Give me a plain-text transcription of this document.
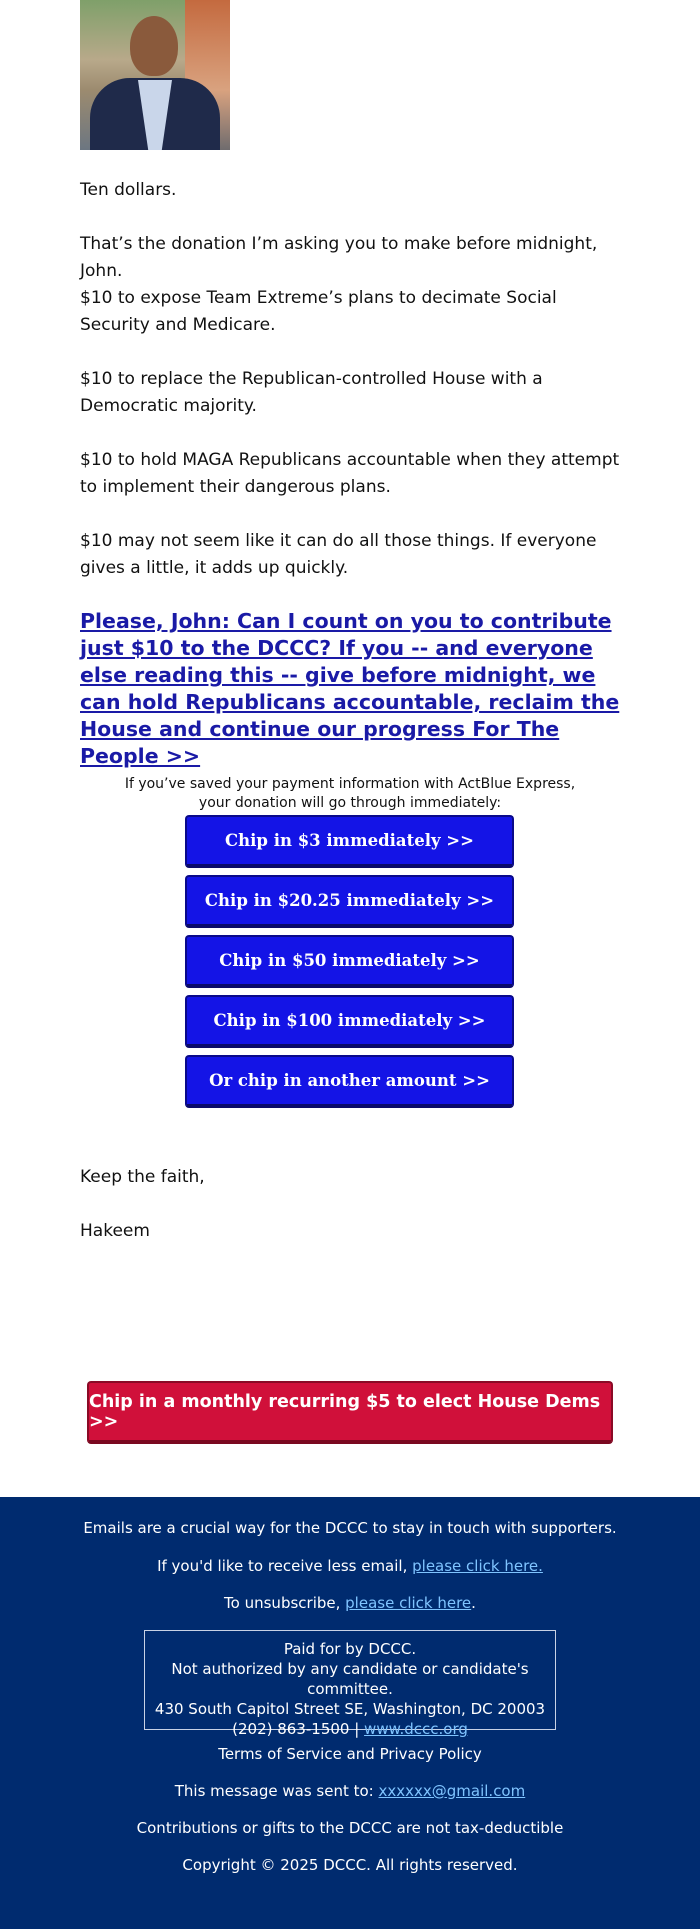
Ten dollars.

That’s the donation I’m asking you to make before midnight, John.

$10 to expose Team Extreme’s plans to decimate Social Security and Medicare.

$10 to replace the Republican-controlled House with a Democratic majority.

$10 to hold MAGA Republicans accountable when they attempt to implement their dangerous plans.

$10 may not seem like it can do all those things. If everyone gives a little, it adds up quickly.

Please, John: Can I count on you to contribute just $10 to the DCCC? If you -- and everyone else reading this -- give before midnight, we can hold Republicans accountable, reclaim the House and continue our progress For The People >>
If you’ve saved your payment information with ActBlue Express,
your donation will go through immediately:
Chip in $3 immediately >>
Chip in $20.25 immediately >>
Chip in $50 immediately >>
Chip in $100 immediately >>
Or chip in another amount >>
Keep the faith,
Hakeem
Chip in a monthly recurring $5 to elect House Dems >>
Emails are a crucial way for the DCCC to stay in touch with supporters.
If you'd like to receive less email, please click here.
To unsubscribe, please click here.
Paid for by DCCC.
Not authorized by any candidate or candidate's committee.
430 South Capitol Street SE, Washington, DC 20003
(202) 863-1500 | www.dccc.org
Terms of Service and Privacy Policy
This message was sent to: xxxxxx@gmail.com
Contributions or gifts to the DCCC are not tax-deductible
Copyright © 2025 DCCC. All rights reserved.
